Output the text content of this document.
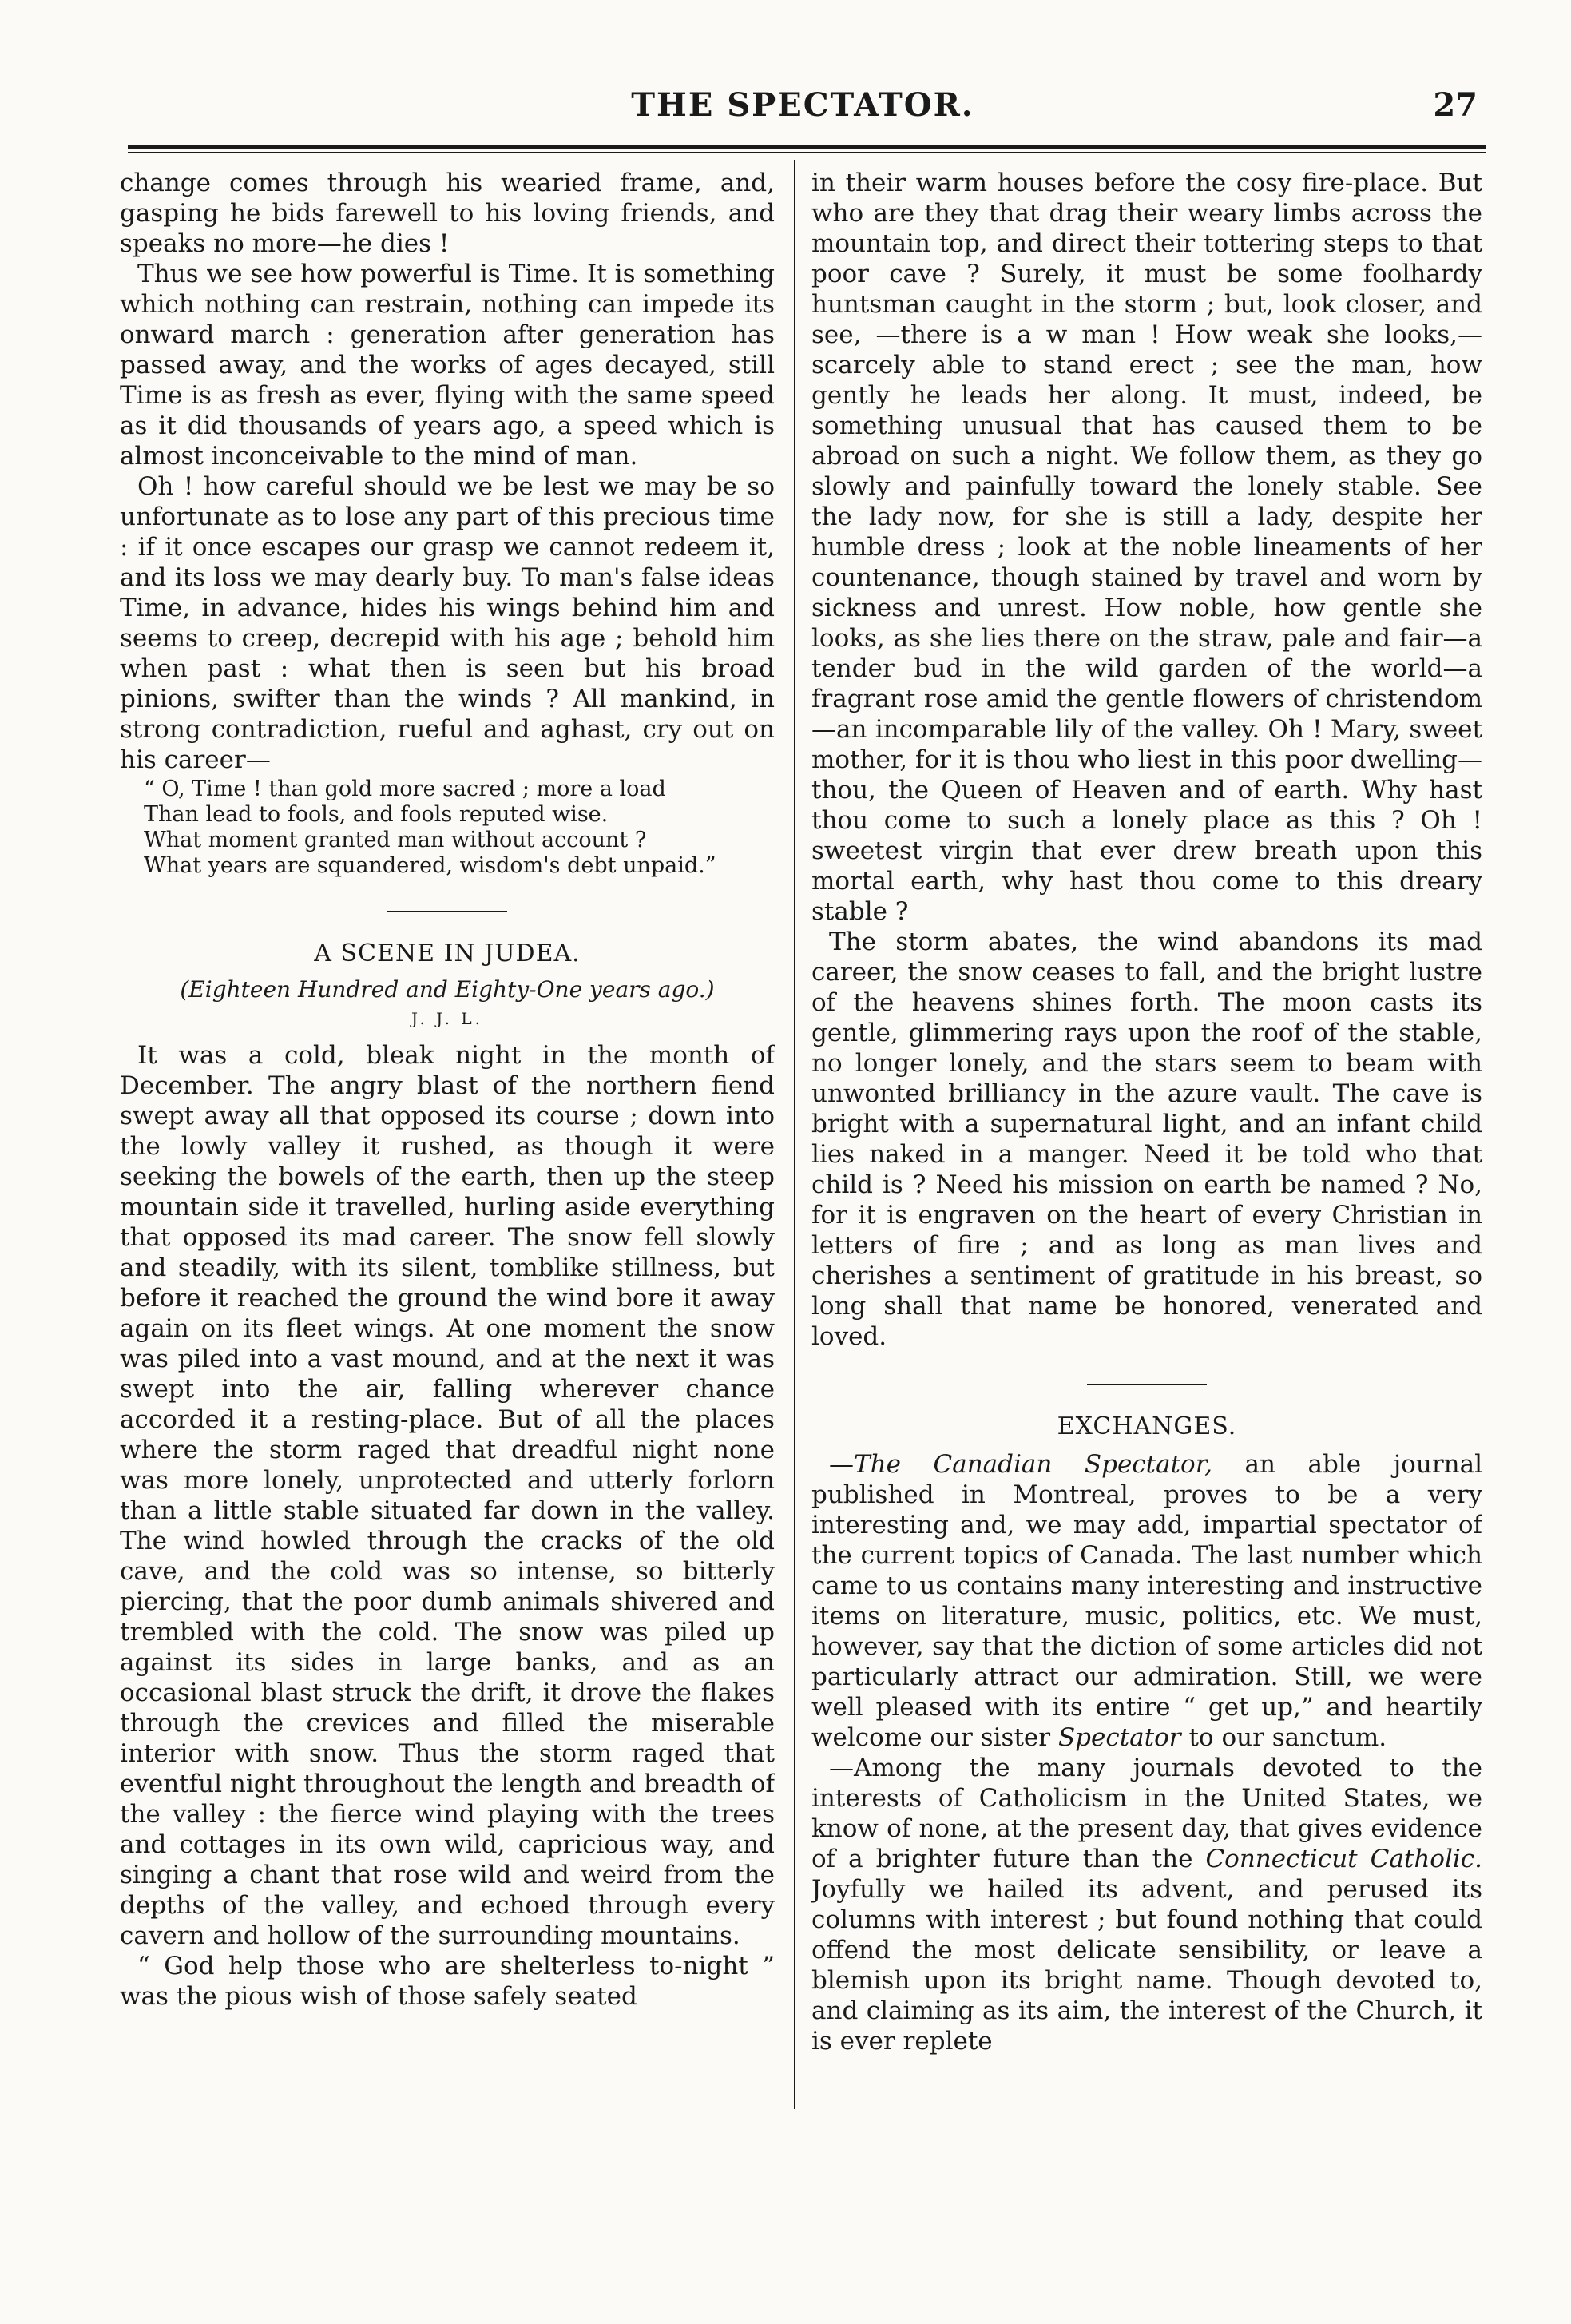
THE SPECTATOR.	27

change comes through his wearied frame, and, gasping he bids farewell to his loving friends, and speaks no more—he dies !

Thus we see how powerful is Time. It is something which nothing can restrain, nothing can impede its onward march : generation after generation has passed away, and the works of ages decayed, still Time is as fresh as ever, flying with the same speed as it did thousands of years ago, a speed which is almost inconceivable to the mind of man.

Oh ! how careful should we be lest we may be so unfortunate as to lose any part of this precious time : if it once escapes our grasp we cannot redeem it, and its loss we may dearly buy. To man's false ideas Time, in advance, hides his wings behind him and seems to creep, decrepid with his age ; behold him when past : what then is seen but his broad pinions, swifter than the winds ? All mankind, in strong contradiction, rueful and aghast, cry out on his career—

“ O, Time ! than gold more sacred ; more a load
Than lead to fools, and fools reputed wise.
What moment granted man without account ?
What years are squandered, wisdom's debt unpaid.”
A SCENE IN JUDEA.
(Eighteen Hundred and Eighty-One years ago.)
J. J. L.

It was a cold, bleak night in the month of December. The angry blast of the northern fiend swept away all that opposed its course ; down into the lowly valley it rushed, as though it were seeking the bowels of the earth, then up the steep mountain side it travelled, hurling aside everything that opposed its mad career. The snow fell slowly and steadily, with its silent, tomblike stillness, but before it reached the ground the wind bore it away again on its fleet wings. At one moment the snow was piled into a vast mound, and at the next it was swept into the air, falling wherever chance accorded it a resting-place. But of all the places where the storm raged that dreadful night none was more lonely, unprotected and utterly forlorn than a little stable situated far down in the valley. The wind howled through the cracks of the old cave, and the cold was so intense, so bitterly piercing, that the poor dumb animals shivered and trembled with the cold. The snow was piled up against its sides in large banks, and as an occasional blast struck the drift, it drove the flakes through the crevices and filled the miserable interior with snow. Thus the storm raged that eventful night throughout the length and breadth of the valley : the fierce wind playing with the trees and cottages in its own wild, capricious way, and singing a chant that rose wild and weird from the depths of the valley, and echoed through every cavern and hollow of the surrounding mountains.

“ God help those who are shelterless to-night ” was the pious wish of those safely seated

in their warm houses before the cosy fire-place. But who are they that drag their weary limbs across the mountain top, and direct their tottering steps to that poor cave ? Surely, it must be some foolhardy huntsman caught in the storm ; but, look closer, and see, —there is a w man ! How weak she looks,— scarcely able to stand erect ; see the man, how gently he leads her along. It must, indeed, be something unusual that has caused them to be abroad on such a night. We follow them, as they go slowly and painfully toward the lonely stable. See the lady now, for she is still a lady, despite her humble dress ; look at the noble lineaments of her countenance, though stained by travel and worn by sickness and unrest. How noble, how gentle she looks, as she lies there on the straw, pale and fair—a tender bud in the wild garden of the world—a fragrant rose amid the gentle flowers of christendom—an incomparable lily of the valley. Oh ! Mary, sweet mother, for it is thou who liest in this poor dwelling—thou, the Queen of Heaven and of earth. Why hast thou come to such a lonely place as this ? Oh ! sweetest virgin that ever drew breath upon this mortal earth, why hast thou come to this dreary stable ?

The storm abates, the wind abandons its mad career, the snow ceases to fall, and the bright lustre of the heavens shines forth. The moon casts its gentle, glimmering rays upon the roof of the stable, no longer lonely, and the stars seem to beam with unwonted brilliancy in the azure vault. The cave is bright with a supernatural light, and an infant child lies naked in a manger. Need it be told who that child is ? Need his mission on earth be named ? No, for it is engraven on the heart of every Christian in letters of fire ; and as long as man lives and cherishes a sentiment of gratitude in his breast, so long shall that name be honored, venerated and loved.

EXCHANGES.

—The Canadian Spectator, an able journal published in Montreal, proves to be a very interesting and, we may add, impartial spectator of the current topics of Canada. The last number which came to us contains many interesting and instructive items on literature, music, politics, etc. We must, however, say that the diction of some articles did not particularly attract our admiration. Still, we were well pleased with its entire “ get up,” and heartily welcome our sister Spectator to our sanctum.

—Among the many journals devoted to the interests of Catholicism in the United States, we know of none, at the present day, that gives evidence of a brighter future than the Connecticut Catholic. Joyfully we hailed its advent, and perused its columns with interest ; but found nothing that could offend the most delicate sensibility, or leave a blemish upon its bright name. Though devoted to, and claiming as its aim, the interest of the Church, it is ever replete
